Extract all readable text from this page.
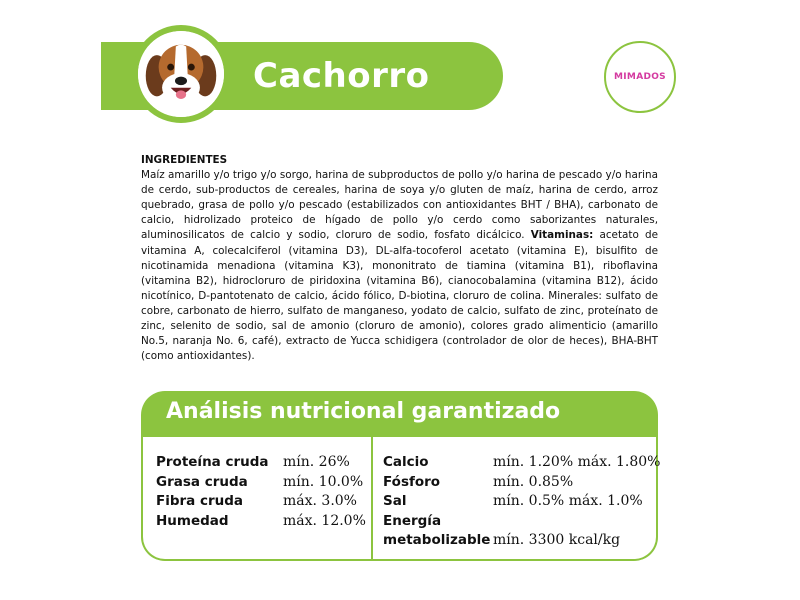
Cachorro	MIMADOS
INGREDIENTES
Maíz amarillo y/o trigo y/o sorgo, harina de subproductos de pollo y/o harina de pescado y/o harina de cerdo, sub-productos de cereales, harina de soya y/o gluten de maíz, harina de cerdo, arroz quebrado, grasa de pollo y/o pescado (estabilizados con antioxidantes BHT / BHA), carbonato de calcio, hidrolizado proteico de hígado de pollo y/o cerdo como saborizantes naturales, aluminosilicatos de calcio y sodio, cloruro de sodio, fosfato dicálcico. Vitaminas: acetato de vitamina A, colecalciferol (vitamina D3), DL-alfa-tocoferol acetato (vitamina E), bisulfito de nicotinamida menadiona (vitamina K3), mononitrato de tiamina (vitamina B1), riboflavina (vitamina B2), hidrocloruro de piridoxina (vitamina B6), cianocobalamina (vitamina B12), ácido nicotínico, D-pantotenato de calcio, ácido fólico, D-biotina, cloruro de colina. Minerales: sulfato de cobre, carbonato de hierro, sulfato de manganeso, yodato de calcio, sulfato de zinc, proteínato de zinc, selenito de sodio, sal de amonio (cloruro de amonio), colores grado alimenticio (amarillo No.5, naranja No. 6, café), extracto de Yucca schidigera (controlador de olor de heces), BHA-BHT (como antioxidantes).
Análisis nutricional garantizado
Proteína cruda	mín. 26%
Grasa cruda	mín. 10.0%
Fibra cruda	máx. 3.0%
Humedad	máx. 12.0%
Calcio	mín. 1.20% máx. 1.80%
Fósforo	mín. 0.85%
Sal	mín. 0.5% máx. 1.0%
Energía
metabolizable mín. 3300 kcal/kg
